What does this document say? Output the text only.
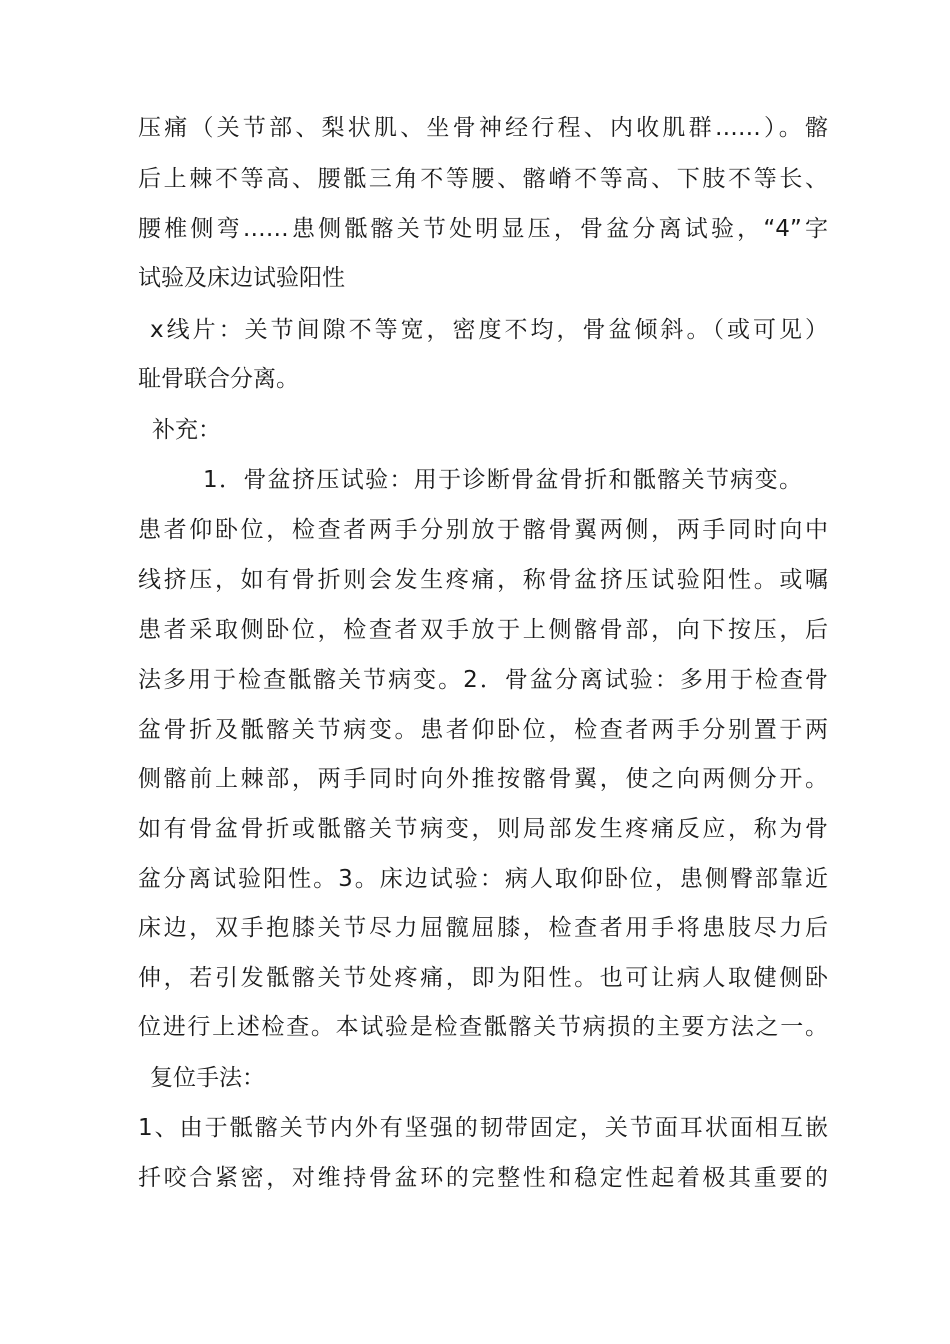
压痛（关节部、梨状肌、坐骨神经行程、内收肌群……）。髂
后上棘不等高、腰骶三角不等腰、髂嵴不等高、下肢不等长、
腰椎侧弯……患侧骶髂关节处明显压，骨盆分离试验，“4”字
试验及床边试验阳性
x线片：关节间隙不等宽，密度不均，骨盆倾斜。（或可见）
耻骨联合分离。
补充：
1．骨盆挤压试验：用于诊断骨盆骨折和骶髂关节病变。
患者仰卧位，检查者两手分别放于髂骨翼两侧，两手同时向中
线挤压，如有骨折则会发生疼痛，称骨盆挤压试验阳性。或嘱
患者采取侧卧位，检查者双手放于上侧髂骨部，向下按压，后
法多用于检查骶髂关节病变。2．骨盆分离试验：多用于检查骨
盆骨折及骶髂关节病变。患者仰卧位，检查者两手分别置于两
侧髂前上棘部，两手同时向外推按髂骨翼，使之向两侧分开。
如有骨盆骨折或骶髂关节病变，则局部发生疼痛反应，称为骨
盆分离试验阳性。3。床边试验：病人取仰卧位，患侧臀部靠近
床边，双手抱膝关节尽力屈髋屈膝，检查者用手将患肢尽力后
伸，若引发骶髂关节处疼痛，即为阳性。也可让病人取健侧卧
位进行上述检查。本试验是检查骶髂关节病损的主要方法之一。
复位手法：
1、由于骶髂关节内外有坚强的韧带固定，关节面耳状面相互嵌
扦咬合紧密，对维持骨盆环的完整性和稳定性起着极其重要的
